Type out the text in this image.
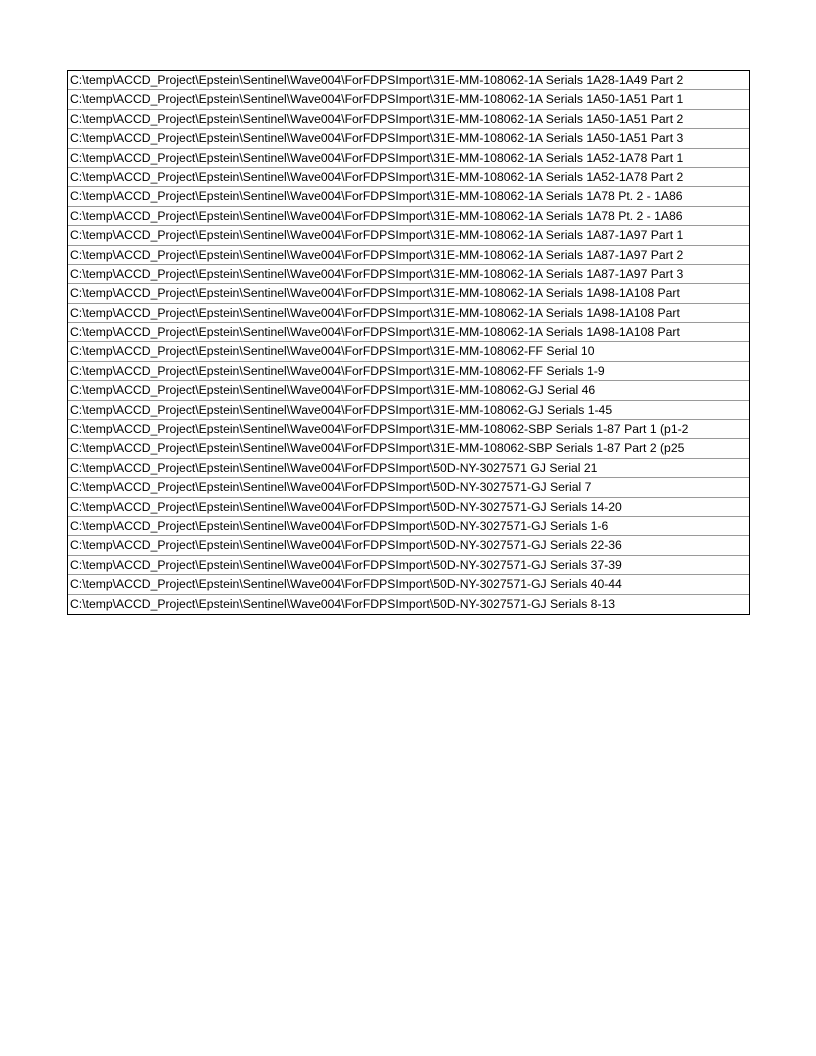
C:\temp\ACCD_Project\Epstein\Sentinel\Wave004\ForFDPSImport\31E-MM-108062-1A Serials 1A28-1A49 Part 2
C:\temp\ACCD_Project\Epstein\Sentinel\Wave004\ForFDPSImport\31E-MM-108062-1A Serials 1A50-1A51 Part 1
C:\temp\ACCD_Project\Epstein\Sentinel\Wave004\ForFDPSImport\31E-MM-108062-1A Serials 1A50-1A51 Part 2
C:\temp\ACCD_Project\Epstein\Sentinel\Wave004\ForFDPSImport\31E-MM-108062-1A Serials 1A50-1A51 Part 3
C:\temp\ACCD_Project\Epstein\Sentinel\Wave004\ForFDPSImport\31E-MM-108062-1A Serials 1A52-1A78 Part 1
C:\temp\ACCD_Project\Epstein\Sentinel\Wave004\ForFDPSImport\31E-MM-108062-1A Serials 1A52-1A78 Part 2
C:\temp\ACCD_Project\Epstein\Sentinel\Wave004\ForFDPSImport\31E-MM-108062-1A Serials 1A78 Pt. 2 - 1A86
C:\temp\ACCD_Project\Epstein\Sentinel\Wave004\ForFDPSImport\31E-MM-108062-1A Serials 1A78 Pt. 2 - 1A86
C:\temp\ACCD_Project\Epstein\Sentinel\Wave004\ForFDPSImport\31E-MM-108062-1A Serials 1A87-1A97 Part 1
C:\temp\ACCD_Project\Epstein\Sentinel\Wave004\ForFDPSImport\31E-MM-108062-1A Serials 1A87-1A97 Part 2
C:\temp\ACCD_Project\Epstein\Sentinel\Wave004\ForFDPSImport\31E-MM-108062-1A Serials 1A87-1A97 Part 3
C:\temp\ACCD_Project\Epstein\Sentinel\Wave004\ForFDPSImport\31E-MM-108062-1A Serials 1A98-1A108 Part
C:\temp\ACCD_Project\Epstein\Sentinel\Wave004\ForFDPSImport\31E-MM-108062-1A Serials 1A98-1A108 Part
C:\temp\ACCD_Project\Epstein\Sentinel\Wave004\ForFDPSImport\31E-MM-108062-1A Serials 1A98-1A108 Part
C:\temp\ACCD_Project\Epstein\Sentinel\Wave004\ForFDPSImport\31E-MM-108062-FF Serial 10
C:\temp\ACCD_Project\Epstein\Sentinel\Wave004\ForFDPSImport\31E-MM-108062-FF Serials 1-9
C:\temp\ACCD_Project\Epstein\Sentinel\Wave004\ForFDPSImport\31E-MM-108062-GJ Serial 46
C:\temp\ACCD_Project\Epstein\Sentinel\Wave004\ForFDPSImport\31E-MM-108062-GJ Serials 1-45
C:\temp\ACCD_Project\Epstein\Sentinel\Wave004\ForFDPSImport\31E-MM-108062-SBP Serials 1-87 Part 1 (p1-2
C:\temp\ACCD_Project\Epstein\Sentinel\Wave004\ForFDPSImport\31E-MM-108062-SBP Serials 1-87 Part 2 (p25
C:\temp\ACCD_Project\Epstein\Sentinel\Wave004\ForFDPSImport\50D-NY-3027571 GJ Serial 21
C:\temp\ACCD_Project\Epstein\Sentinel\Wave004\ForFDPSImport\50D-NY-3027571-GJ Serial 7
C:\temp\ACCD_Project\Epstein\Sentinel\Wave004\ForFDPSImport\50D-NY-3027571-GJ Serials 14-20
C:\temp\ACCD_Project\Epstein\Sentinel\Wave004\ForFDPSImport\50D-NY-3027571-GJ Serials 1-6
C:\temp\ACCD_Project\Epstein\Sentinel\Wave004\ForFDPSImport\50D-NY-3027571-GJ Serials 22-36
C:\temp\ACCD_Project\Epstein\Sentinel\Wave004\ForFDPSImport\50D-NY-3027571-GJ Serials 37-39
C:\temp\ACCD_Project\Epstein\Sentinel\Wave004\ForFDPSImport\50D-NY-3027571-GJ Serials 40-44
C:\temp\ACCD_Project\Epstein\Sentinel\Wave004\ForFDPSImport\50D-NY-3027571-GJ Serials 8-13
